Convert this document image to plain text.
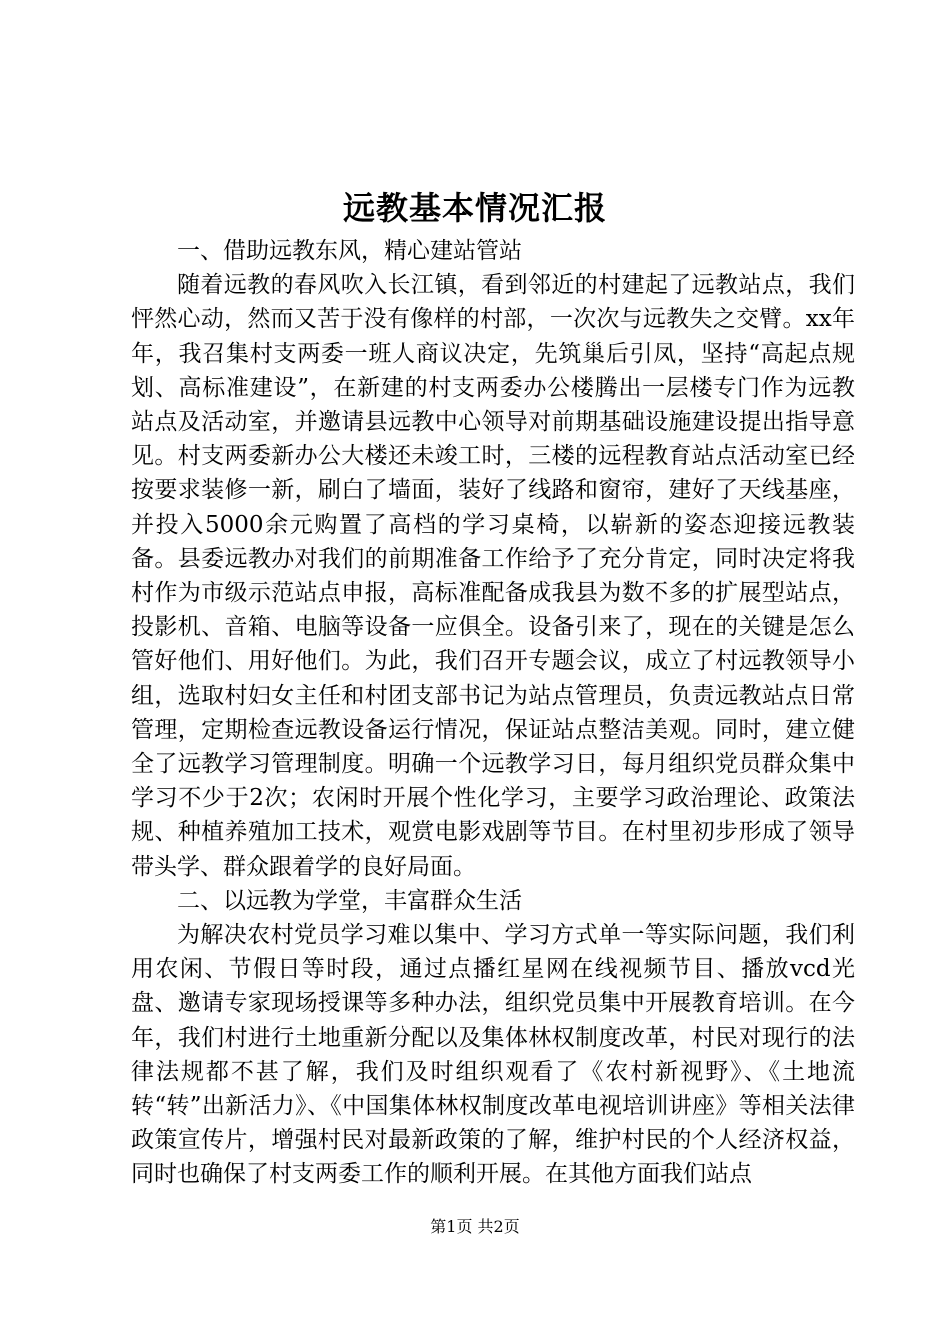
远教基本情况汇报

一、借助远教东风，精心建站管站

随着远教的春风吹入长江镇，看到邻近的村建起了远教站点，我们怦然心动，然而又苦于没有像样的村部，一次次与远教失之交臂。xx年年，我召集村支两委一班人商议决定，先筑巢后引凤，坚持“高起点规划、高标准建设”，在新建的村支两委办公楼腾出一层楼专门作为远教站点及活动室，并邀请县远教中心领导对前期基础设施建设提出指导意见。村支两委新办公大楼还未竣工时，三楼的远程教育站点活动室已经按要求装修一新，刷白了墙面，装好了线路和窗帘，建好了天线基座，并投入5000余元购置了高档的学习桌椅，以崭新的姿态迎接远教装备。县委远教办对我们的前期准备工作给予了充分肯定，同时决定将我村作为市级示范站点申报，高标准配备成我县为数不多的扩展型站点，投影机、音箱、电脑等设备一应俱全。设备引来了，现在的关键是怎么管好他们、用好他们。为此，我们召开专题会议，成立了村远教领导小组，选取村妇女主任和村团支部书记为站点管理员，负责远教站点日常管理，定期检查远教设备运行情况，保证站点整洁美观。同时，建立健全了远教学习管理制度。明确一个远教学习日，每月组织党员群众集中学习不少于2次；农闲时开展个性化学习，主要学习政治理论、政策法规、种植养殖加工技术，观赏电影戏剧等节目。在村里初步形成了领导带头学、群众跟着学的良好局面。

二、以远教为学堂，丰富群众生活

为解决农村党员学习难以集中、学习方式单一等实际问题，我们利用农闲、节假日等时段，通过点播红星网在线视频节目、播放vcd光盘、邀请专家现场授课等多种办法，组织党员集中开展教育培训。在今年，我们村进行土地重新分配以及集体林权制度改革，村民对现行的法律法规都不甚了解，我们及时组织观看了《农村新视野》、《土地流转“转”出新活力》、《中国集体林权制度改革电视培训讲座》等相关法律政策宣传片，增强村民对最新政策的了解，维护村民的个人经济权益，同时也确保了村支两委工作的顺利开展。在其他方面我们站点

第1页 共2页
